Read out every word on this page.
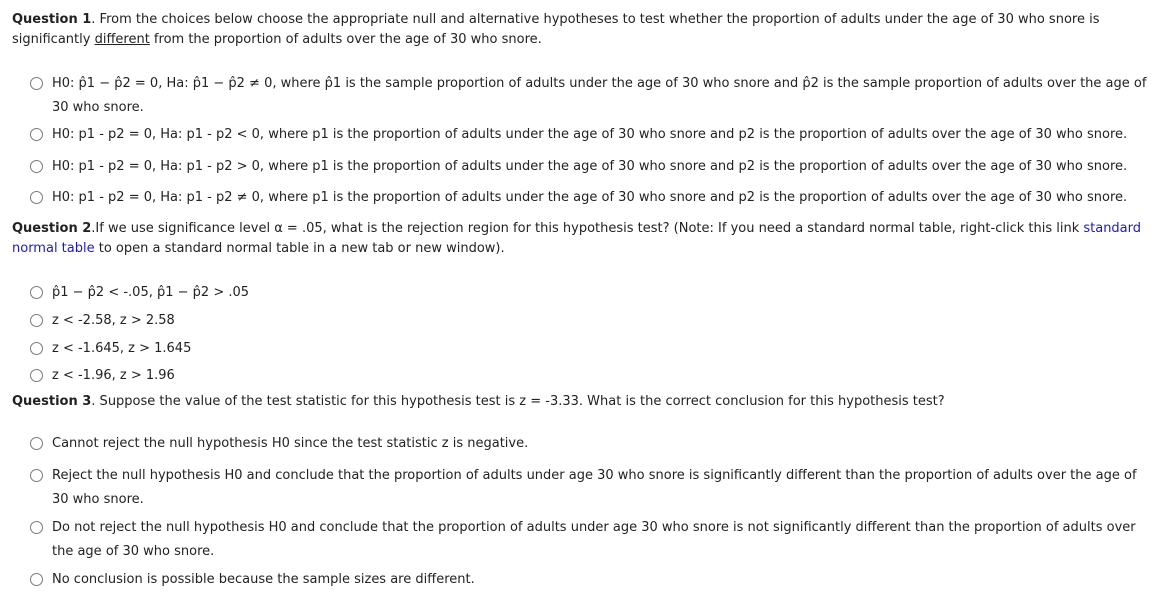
Question 1. From the choices below choose the appropriate null and alternative hypotheses to test whether the proportion of adults under the age of 30 who snore is significantly different from the proportion of adults over the age of 30 who snore.
H0: p̂1 − p̂2 = 0, Ha: p̂1 − p̂2 ≠ 0, where p̂1 is the sample proportion of adults under the age of 30 who snore and p̂2 is the sample proportion of adults over the age of 30 who snore.
H0: p1 - p2 = 0, Ha: p1 - p2 < 0, where p1 is the proportion of adults under the age of 30 who snore and p2 is the proportion of adults over the age of 30 who snore.
H0: p1 - p2 = 0, Ha: p1 - p2 > 0, where p1 is the proportion of adults under the age of 30 who snore and p2 is the proportion of adults over the age of 30 who snore.
H0: p1 - p2 = 0, Ha: p1 - p2 ≠ 0, where p1 is the proportion of adults under the age of 30 who snore and p2 is the proportion of adults over the age of 30 who snore.
Question 2.If we use significance level α = .05, what is the rejection region for this hypothesis test? (Note: If you need a standard normal table, right-click this link standard normal table to open a standard normal table in a new tab or new window).
p̂1 − p̂2 < -.05, p̂1 − p̂2 > .05
z < -2.58, z > 2.58
z < -1.645, z > 1.645
z < -1.96, z > 1.96
Question 3. Suppose the value of the test statistic for this hypothesis test is z = -3.33. What is the correct conclusion for this hypothesis test?
Cannot reject the null hypothesis H0 since the test statistic z is negative.
Reject the null hypothesis H0 and conclude that the proportion of adults under age 30 who snore is significantly different than the proportion of adults over the age of 30 who snore.
Do not reject the null hypothesis H0 and conclude that the proportion of adults under age 30 who snore is not significantly different than the proportion of adults over the age of 30 who snore.
No conclusion is possible because the sample sizes are different.
